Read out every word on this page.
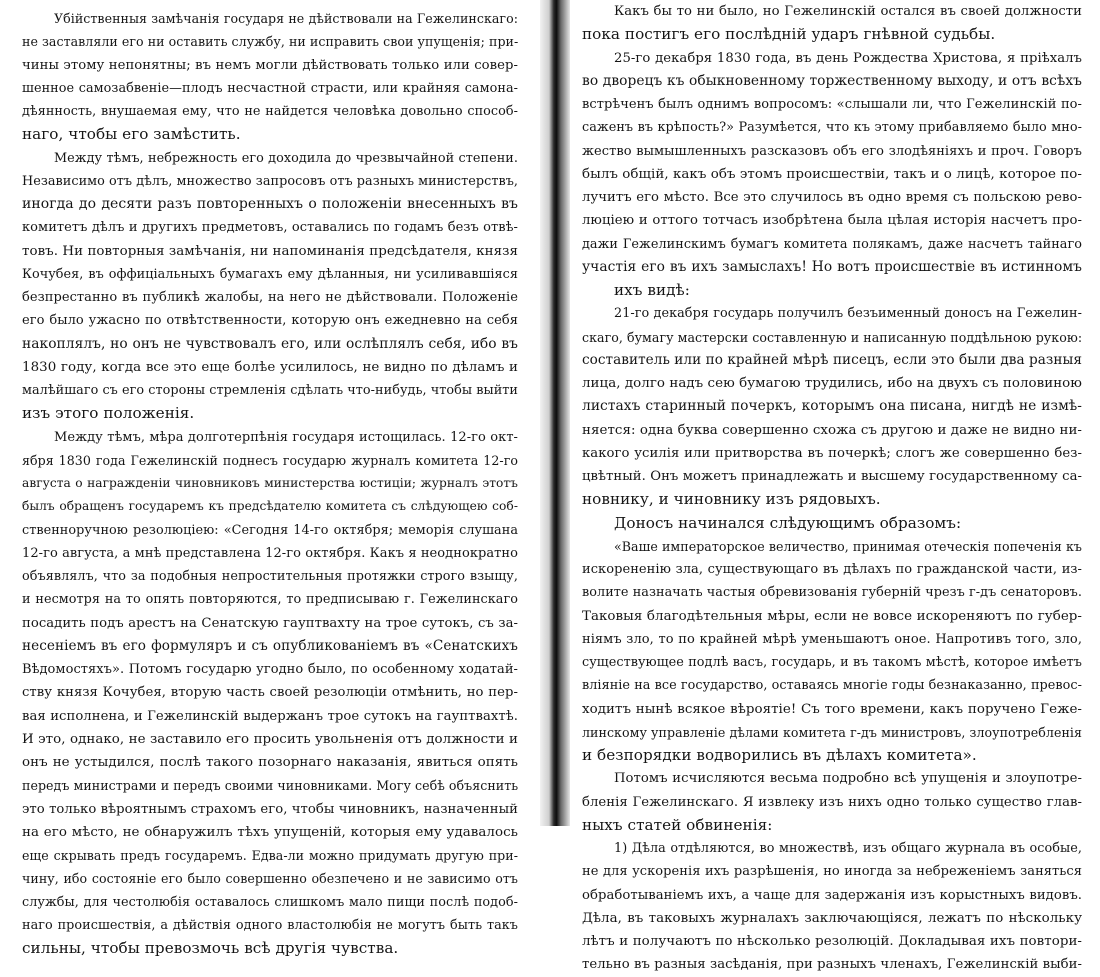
Убійственныя замѣчанія государя не дѣйствовали на Гежелинскаго:
не заставляли его ни оставить службу, ни исправить свои упущенія; при-
чины этому непонятны; въ немъ могли дѣйствовать только или совер-
шенное самозабвеніе—плодъ несчастной страсти, или крайняя самона-
дѣянность, внушаемая ему, что не найдется человѣка довольно способ-
наго, чтобы его замѣстить.
Между тѣмъ, небрежность его доходила до чрезвычайной степени.
Независимо отъ дѣлъ, множество запросовъ отъ разныхъ министерствъ,
иногда до десяти разъ повторенныхъ о положеніи внесенныхъ въ
комитетъ дѣлъ и другихъ предметовъ, оставались по годамъ безъ отвѣ-
товъ. Ни повторныя замѣчанія, ни напоминанія предсѣдателя, князя
Кочубея, въ оффиціальныхъ бумагахъ ему дѣланныя, ни усиливавшіяся
безпрестанно въ публикѣ жалобы, на него не дѣйствовали. Положеніе
его было ужасно по отвѣтственности, которую онъ ежедневно на себя
накоплялъ, но онъ не чувствовалъ его, или ослѣплялъ себя, ибо въ
1830 году, когда все это еще болѣе усилилось, не видно по дѣламъ и
малѣйшаго съ его стороны стремленія сдѣлать что-нибудь, чтобы выйти
изъ этого положенія.
Между тѣмъ, мѣра долготерпѣнія государя истощилась. 12-го окт-
ября 1830 года Гежелинскій поднесъ государю журналъ комитета 12-го
августа о награжденіи чиновниковъ министерства юстиціи; журналъ этотъ
былъ обращенъ государемъ къ предсѣдателю комитета съ слѣдующею соб-
ственноручною резолюціею: «Сегодня 14-го октября; меморія слушана
12-го августа, а мнѣ представлена 12-го октября. Какъ я неоднократно
объявлялъ, что за подобныя непростительныя протяжки строго взыщу,
и несмотря на то опять повторяются, то предписываю г. Гежелинскаго
посадить подъ арестъ на Сенатскую гауптвахту на трое сутокъ, съ за-
несеніемъ въ его формуляръ и съ опубликованіемъ въ «Сенатскихъ
Вѣдомостяхъ». Потомъ государю угодно было, по особенному ходатай-
ству князя Кочубея, вторую часть своей резолюціи отмѣнить, но пер-
вая исполнена, и Гежелинскій выдержанъ трое сутокъ на гауптвахтѣ.
И это, однако, не заставило его просить увольненія отъ должности и
онъ не устыдился, послѣ такого позорнаго наказанія, явиться опять
передъ министрами и передъ своими чиновниками. Могу себѣ объяснить
это только вѣроятнымъ страхомъ его, чтобы чиновникъ, назначенный
на его мѣсто, не обнаружилъ тѣхъ упущеній, которыя ему удавалось
еще скрывать предъ государемъ. Едва-ли можно придумать другую при-
чину, ибо состояніе его было совершенно обезпечено и не зависимо отъ
службы, для честолюбія оставалось слишкомъ мало пищи послѣ подоб-
наго происшествія, а дѣйствія одного властолюбія не могутъ быть такъ
сильны, чтобы превозмочь всѣ другія чувства.
Какъ бы то ни было, но Гежелинскій остался въ своей должности
пока постигъ его послѣдній ударъ гнѣвной судьбы.
25-го декабря 1830 года, въ день Рождества Христова, я пріѣхалъ
во дворецъ къ обыкновенному торжественному выходу, и отъ всѣхъ
встрѣченъ былъ однимъ вопросомъ: «слышали ли, что Гежелинскій по-
саженъ въ крѣпость?» Разумѣется, что къ этому прибавляемо было мно-
жество вымышленныхъ разсказовъ объ его злодѣяніяхъ и проч. Говоръ
былъ общій, какъ объ этомъ происшествіи, такъ и о лицѣ, которое по-
лучитъ его мѣсто. Все это случилось въ одно время съ польскою рево-
люціею и оттого тотчасъ изобрѣтена была цѣлая исторія насчетъ про-
дажи Гежелинскимъ бумагъ комитета полякамъ, даже насчетъ тайнаго
участія его въ ихъ замыслахъ! Но вотъ происшествіе въ истинномъ
ихъ видѣ:
21-го декабря государь получилъ безъименный доносъ на Гежелин-
скаго, бумагу мастерски составленную и написанную поддѣльною рукою:
составитель или по крайней мѣрѣ писецъ, если это были два разныя
лица, долго надъ сею бумагою трудились, ибо на двухъ съ половиною
листахъ старинный почеркъ, которымъ она писана, нигдѣ не измѣ-
няется: одна буква совершенно схожа съ другою и даже не видно ни-
какого усилія или притворства въ почеркѣ; слогъ же совершенно без-
цвѣтный. Онъ можетъ принадлежать и высшему государственному са-
новнику, и чиновнику изъ рядовыхъ.
Доносъ начинался слѣдующимъ образомъ:
«Ваше императорское величество, принимая отеческія попеченія къ
искорененію зла, существующаго въ дѣлахъ по гражданской части, из-
волите назначать частыя обревизованія губерній чрезъ г-дъ сенаторовъ.
Таковыя благодѣтельныя мѣры, если не вовсе искореняютъ по губер-
ніямъ зло, то по крайней мѣрѣ уменьшаютъ оное. Напротивъ того, зло,
существующее подлѣ васъ, государь, и въ такомъ мѣстѣ, которое имѣетъ
вліяніе на все государство, оставаясь многіе годы безнаказанно, превос-
ходитъ нынѣ всякое вѣроятіе! Съ того времени, какъ поручено Геже-
линскому управленіе дѣлами комитета г-дъ министровъ, злоупотребленія
и безпорядки водворились въ дѣлахъ комитета».
Потомъ исчисляются весьма подробно всѣ упущенія и злоупотре-
бленія Гежелинскаго. Я извлеку изъ нихъ одно только существо глав-
ныхъ статей обвиненія:
1) Дѣла отдѣляются, во множествѣ, изъ общаго журнала въ особые,
не для ускоренія ихъ разрѣшенія, но иногда за небреженіемъ заняться
обработываніемъ ихъ, а чаще для задержанія изъ корыстныхъ видовъ.
Дѣла, въ таковыхъ журналахъ заключающіяся, лежатъ по нѣскольку
лѣтъ и получаютъ по нѣсколько резолюцій. Докладывая ихъ повтори-
тельно въ разныя засѣданія, при разныхъ членахъ, Гежелинскій выби-
